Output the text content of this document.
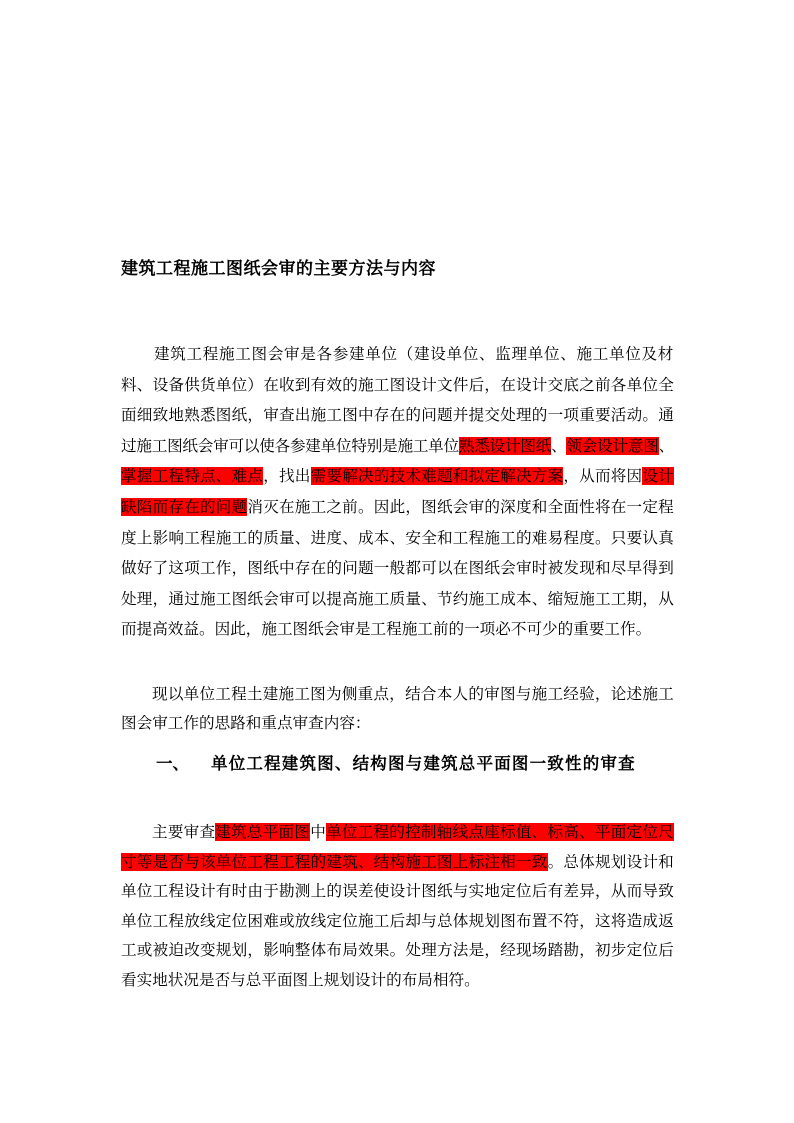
建筑工程施工图纸会审的主要方法与内容
建筑工程施工图会审是各参建单位（建设单位、监理单位、施工单位及材
料、设备供货单位）在收到有效的施工图设计文件后，在设计交底之前各单位全
面细致地熟悉图纸，审查出施工图中存在的问题并提交处理的一项重要活动。通
过施工图纸会审可以使各参建单位特别是施工单位熟悉设计图纸、领会设计意图、
掌握工程特点、难点，找出需要解决的技术难题和拟定解决方案，从而将因设计
缺陷而存在的问题消灭在施工之前。因此，图纸会审的深度和全面性将在一定程
度上影响工程施工的质量、进度、成本、安全和工程施工的难易程度。只要认真
做好了这项工作，图纸中存在的问题一般都可以在图纸会审时被发现和尽早得到
处理，通过施工图纸会审可以提高施工质量、节约施工成本、缩短施工工期，从
而提高效益。因此，施工图纸会审是工程施工前的一项必不可少的重要工作。
现以单位工程土建施工图为侧重点，结合本人的审图与施工经验，论述施工
图会审工作的思路和重点审查内容：
一、 单位工程建筑图、结构图与建筑总平面图一致性的审查
主要审查建筑总平面图中单位工程的控制轴线点座标值、标高、平面定位尺
寸等是否与该单位工程工程的建筑、结构施工图上标注相一致。总体规划设计和
单位工程设计有时由于勘测上的误差使设计图纸与实地定位后有差异，从而导致
单位工程放线定位困难或放线定位施工后却与总体规划图布置不符，这将造成返
工或被迫改变规划，影响整体布局效果。处理方法是，经现场踏勘，初步定位后
看实地状况是否与总平面图上规划设计的布局相符。
